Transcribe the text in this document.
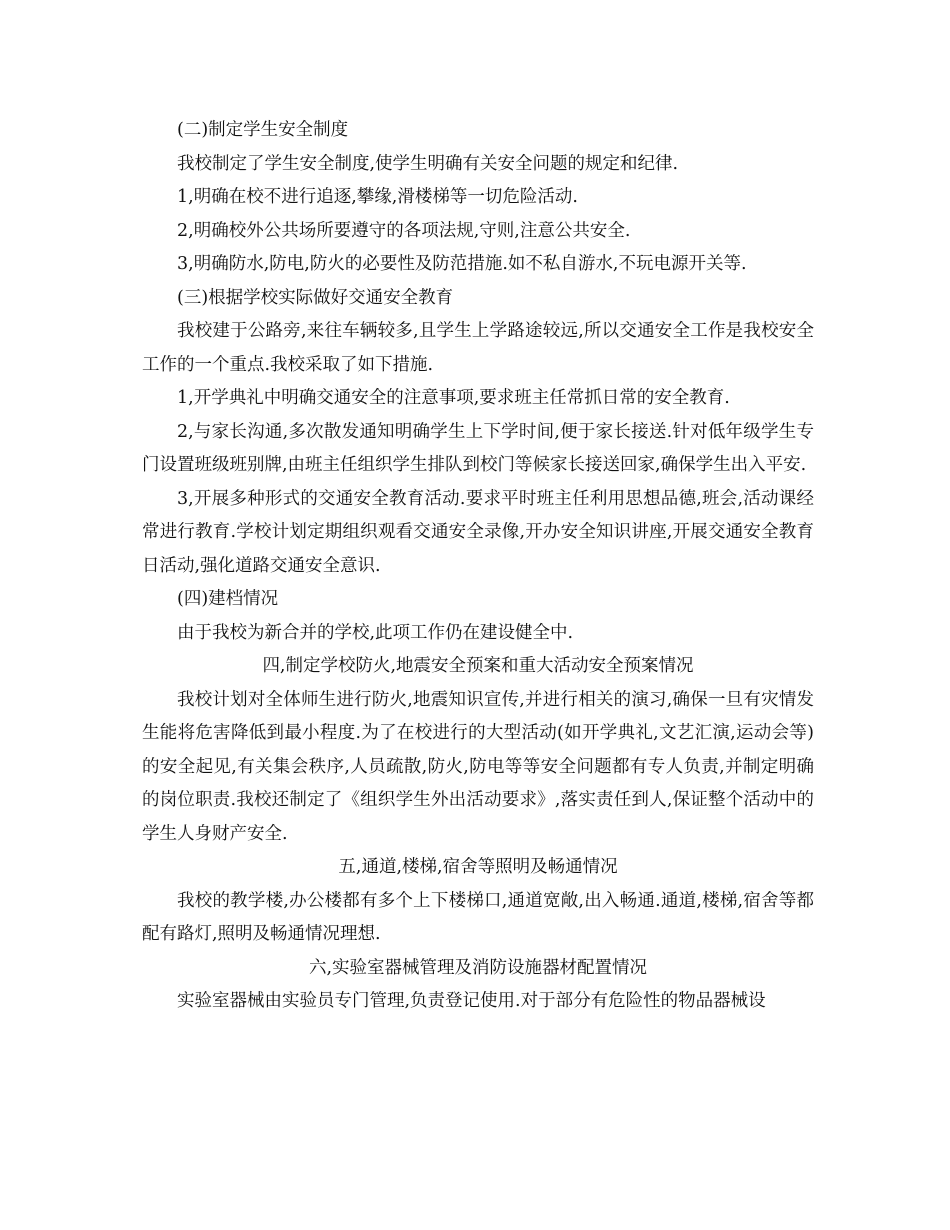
(二)制定学生安全制度

我校制定了学生安全制度,使学生明确有关安全问题的规定和纪律.

1,明确在校不进行追逐,攀缘,滑楼梯等一切危险活动.

2,明确校外公共场所要遵守的各项法规,守则,注意公共安全.

3,明确防水,防电,防火的必要性及防范措施.如不私自游水,不玩电源开关等.

(三)根据学校实际做好交通安全教育

我校建于公路旁,来往车辆较多,且学生上学路途较远,所以交通安全工作是我校安全工作的一个重点.我校采取了如下措施.

1,开学典礼中明确交通安全的注意事项,要求班主任常抓日常的安全教育.

2,与家长沟通,多次散发通知明确学生上下学时间,便于家长接送.针对低年级学生专门设置班级班别牌,由班主任组织学生排队到校门等候家长接送回家,确保学生出入平安.

3,开展多种形式的交通安全教育活动.要求平时班主任利用思想品德,班会,活动课经常进行教育.学校计划定期组织观看交通安全录像,开办安全知识讲座,开展交通安全教育日活动,强化道路交通安全意识.

(四)建档情况

由于我校为新合并的学校,此项工作仍在建设健全中.

四,制定学校防火,地震安全预案和重大活动安全预案情况

我校计划对全体师生进行防火,地震知识宣传,并进行相关的演习,确保一旦有灾情发生能将危害降低到最小程度.为了在校进行的大型活动(如开学典礼,文艺汇演,运动会等)的安全起见,有关集会秩序,人员疏散,防火,防电等等安全问题都有专人负责,并制定明确的岗位职责.我校还制定了《组织学生外出活动要求》,落实责任到人,保证整个活动中的学生人身财产安全.

五,通道,楼梯,宿舍等照明及畅通情况

我校的教学楼,办公楼都有多个上下楼梯口,通道宽敞,出入畅通.通道,楼梯,宿舍等都配有路灯,照明及畅通情况理想.

六,实验室器械管理及消防设施器材配置情况

实验室器械由实验员专门管理,负责登记使用.对于部分有危险性的物品器械设
